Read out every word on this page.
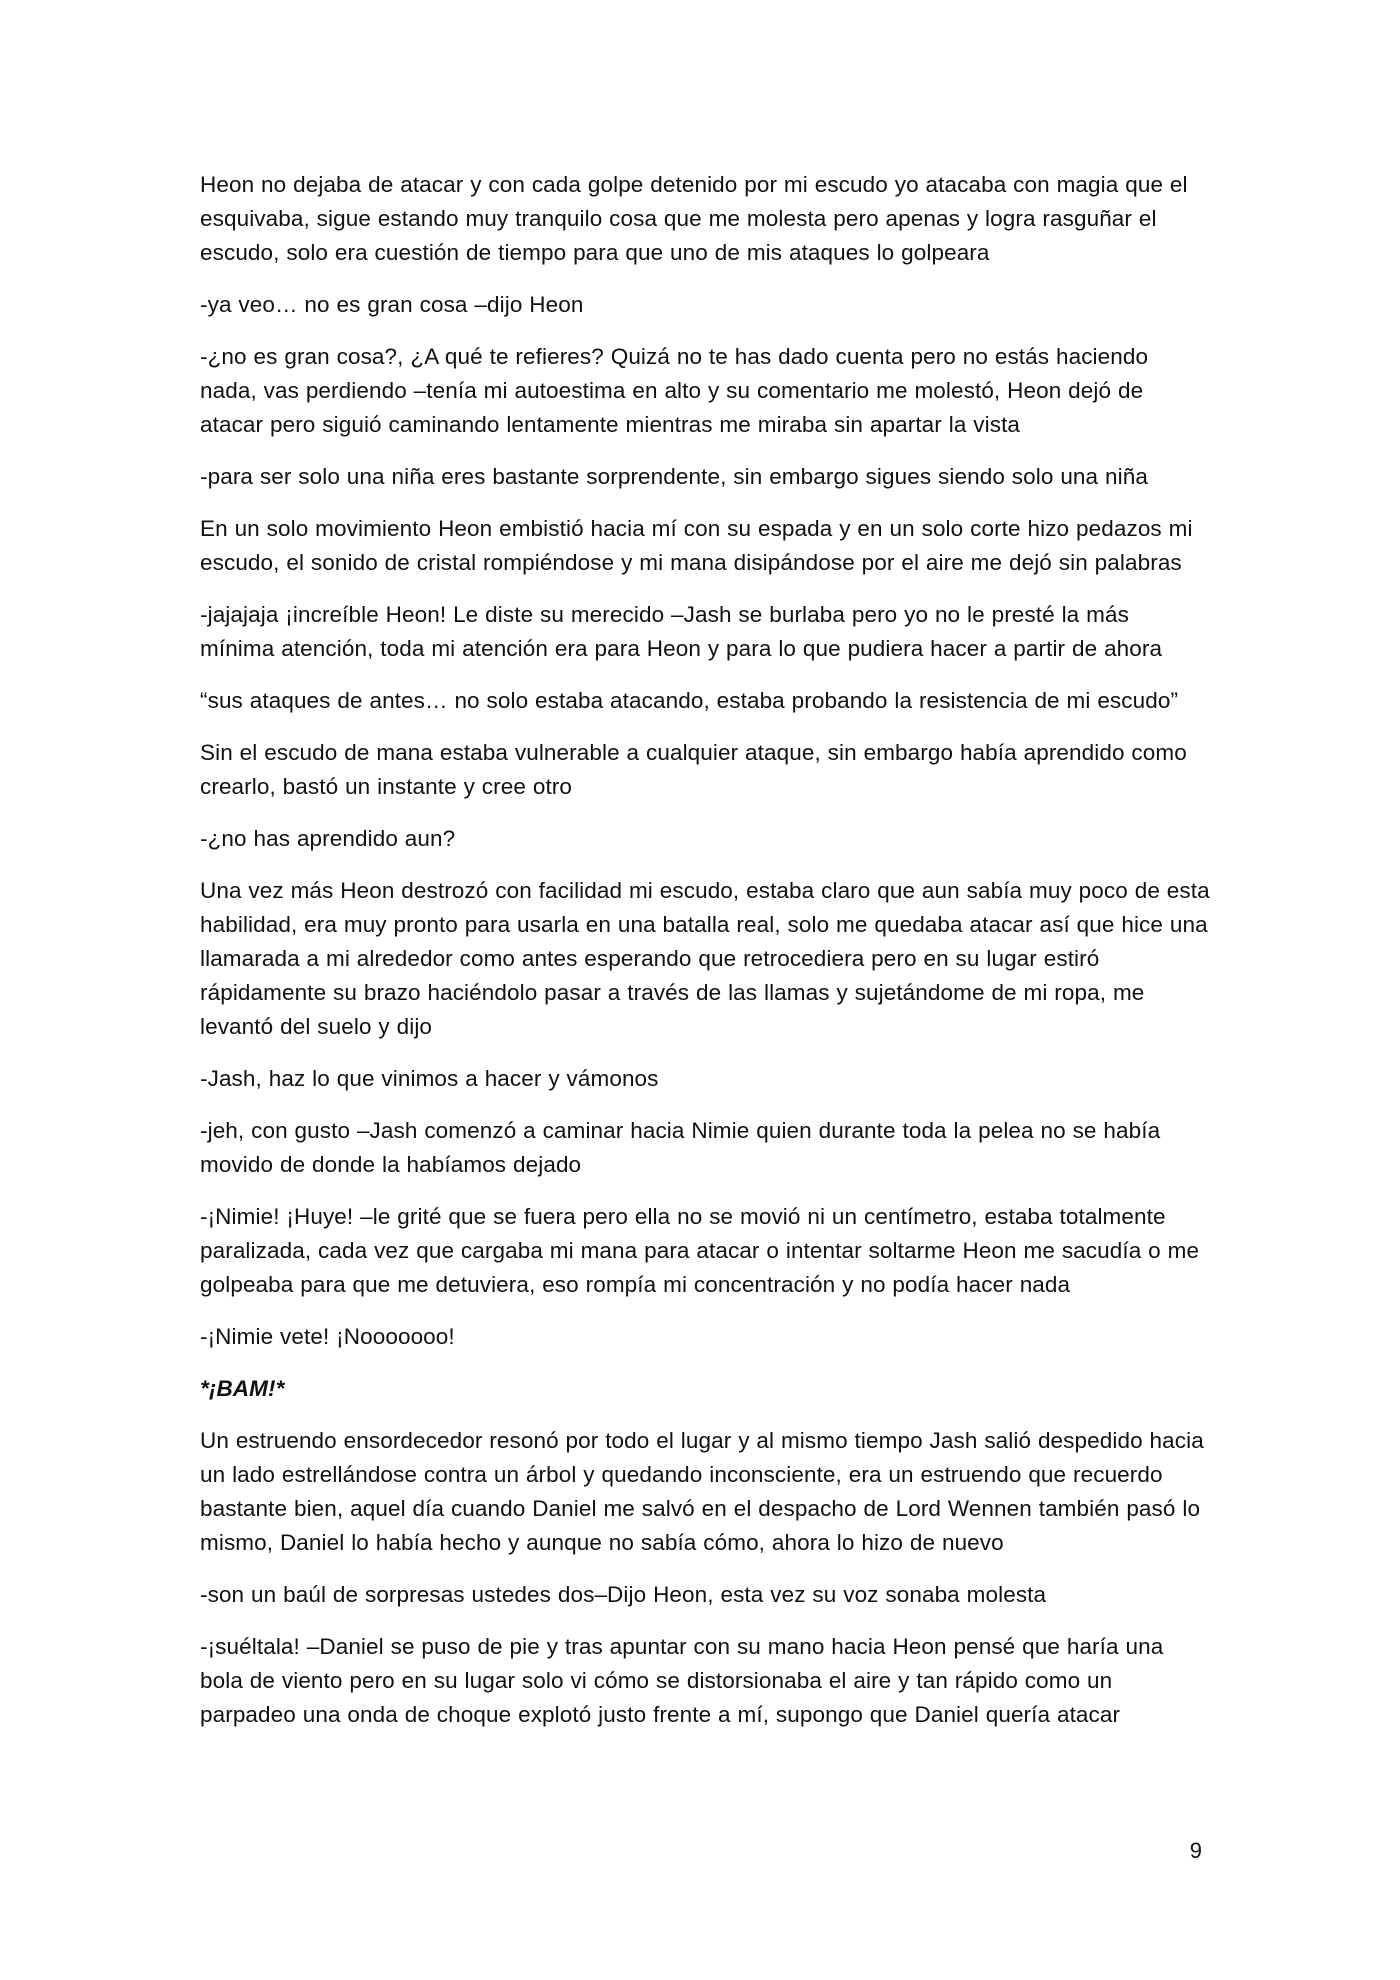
Heon no dejaba de atacar y con cada golpe detenido por mi escudo yo atacaba con magia que el esquivaba, sigue estando muy tranquilo cosa que me molesta pero apenas y logra rasguñar el escudo, solo era cuestión de tiempo para que uno de mis ataques lo golpeara

-ya veo… no es gran cosa –dijo Heon

-¿no es gran cosa?, ¿A qué te refieres? Quizá no te has dado cuenta pero no estás haciendo nada, vas perdiendo –tenía mi autoestima en alto y su comentario me molestó, Heon dejó de atacar pero siguió caminando lentamente mientras me miraba sin apartar la vista

-para ser solo una niña eres bastante sorprendente, sin embargo sigues siendo solo una niña

En un solo movimiento Heon embistió hacia mí con su espada y en un solo corte hizo pedazos mi escudo, el sonido de cristal rompiéndose y mi mana disipándose por el aire me dejó sin palabras

-jajajaja ¡increíble Heon! Le diste su merecido –Jash se burlaba pero yo no le presté la más mínima atención, toda mi atención era para Heon y para lo que pudiera hacer a partir de ahora

“sus ataques de antes… no solo estaba atacando, estaba probando la resistencia de mi escudo”

Sin el escudo de mana estaba vulnerable a cualquier ataque, sin embargo había aprendido como crearlo, bastó un instante y cree otro

-¿no has aprendido aun?

Una vez más Heon destrozó con facilidad mi escudo, estaba claro que aun sabía muy poco de esta habilidad, era muy pronto para usarla en una batalla real, solo me quedaba atacar así que hice una llamarada a mi alrededor como antes esperando que retrocediera pero en su lugar estiró rápidamente su brazo haciéndolo pasar a través de las llamas y sujetándome de mi ropa, me levantó del suelo y dijo

-Jash, haz lo que vinimos a hacer y vámonos

-jeh, con gusto –Jash comenzó a caminar hacia Nimie quien durante toda la pelea no se había movido de donde la habíamos dejado

-¡Nimie! ¡Huye! –le grité que se fuera pero ella no se movió ni un centímetro, estaba totalmente paralizada, cada vez que cargaba mi mana para atacar o intentar soltarme Heon me sacudía o me golpeaba para que me detuviera, eso rompía mi concentración y no podía hacer nada

-¡Nimie vete! ¡Nooooooo!

*¡BAM!*

Un estruendo ensordecedor resonó por todo el lugar y al mismo tiempo Jash salió despedido hacia un lado estrellándose contra un árbol y quedando inconsciente, era un estruendo que recuerdo bastante bien, aquel día cuando Daniel me salvó en el despacho de Lord Wennen también pasó lo mismo, Daniel lo había hecho y aunque no sabía cómo, ahora lo hizo de nuevo

-son un baúl de sorpresas ustedes dos–Dijo Heon, esta vez su voz sonaba molesta

-¡suéltala! –Daniel se puso de pie y tras apuntar con su mano hacia Heon pensé que haría una bola de viento pero en su lugar solo vi cómo se distorsionaba el aire y tan rápido como un parpadeo una onda de choque explotó justo frente a mí, supongo que Daniel quería atacar

9
